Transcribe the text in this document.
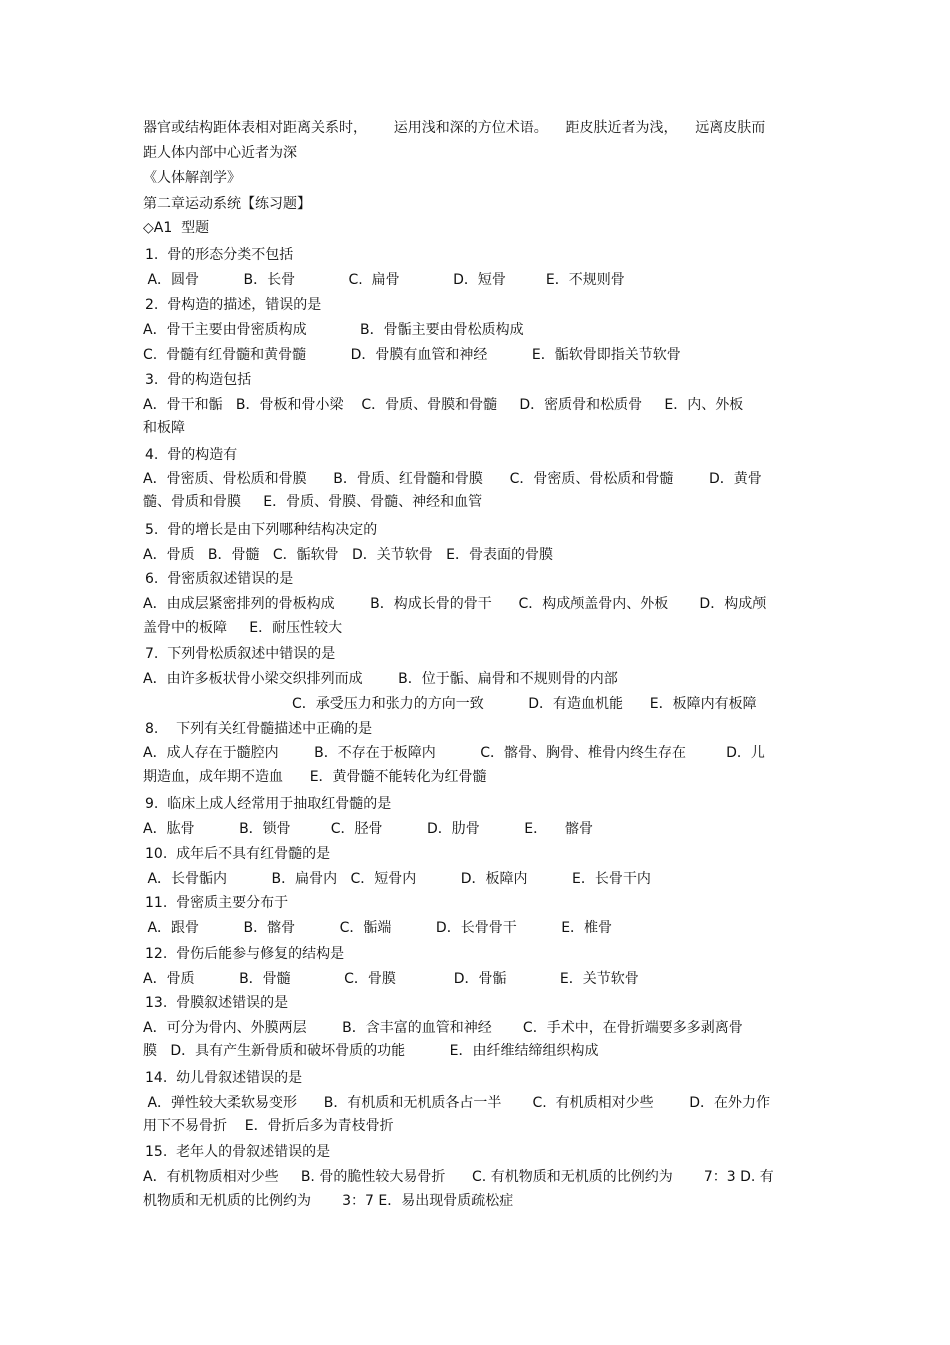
器官或结构距体表相对距离关系时，      运用浅和深的方位术语。    距皮肤近者为浅，    远离皮肤而
距人体内部中心近者为深
《人体解剖学》
第二章运动系统【练习题】
◇A1  型题
1.  骨的形态分类不包括
A．圆骨          B．长骨            C.  扁骨            D．短骨         E．不规则骨
2.  骨构造的描述，错误的是
A．骨干主要由骨密质构成            B．骨骺主要由骨松质构成
C.  骨髓有红骨髓和黄骨髓          D．骨膜有血管和神经          E．骺软骨即指关节软骨
3.  骨的构造包括
A．骨干和骺   B．骨板和骨小梁    C．骨质、骨膜和骨髓     D．密质骨和松质骨     E．内、外板
和板障
4.  骨的构造有
A．骨密质、骨松质和骨膜      B．骨质、红骨髓和骨膜      C．骨密质、骨松质和骨髓        D．黄骨
髓、骨质和骨膜     E．骨质、骨膜、骨髓、神经和血管
5.  骨的增长是由下列哪种结构决定的
A．骨质   B．骨髓   C．骺软骨   D．关节软骨   E．骨表面的骨膜
6.  骨密质叙述错误的是
A．由成层紧密排列的骨板构成        B．构成长骨的骨干      C．构成颅盖骨内、外板       D．构成颅
盖骨中的板障     E．耐压性较大
7.  下列骨松质叙述中错误的是
A．由许多板状骨小梁交织排列而成        B．位于骺、扁骨和不规则骨的内部
C．承受压力和张力的方向一致          D．有造血机能      E．板障内有板障
8.    下列有关红骨髓描述中正确的是
A．成人存在于髓腔内        B．不存在于板障内          C．髂骨、胸骨、椎骨内终生存在         D．儿
期造血，成年期不造血      E．黄骨髓不能转化为红骨髓
9.  临床上成人经常用于抽取红骨髓的是
A．肱骨          B．锁骨         C．胫骨          D．肋骨          E．    髂骨
10.  成年后不具有红骨髓的是
A．长骨骺内          B．扁骨内   C．短骨内          D．板障内          E．长骨干内
11.  骨密质主要分布于
A．跟骨          B．髂骨          C．骺端          D．长骨骨干          E．椎骨
12.  骨伤后能参与修复的结构是
A．骨质          B．骨髓            C．骨膜             D．骨骺            E．关节软骨
13.  骨膜叙述错误的是
A．可分为骨内、外膜两层        B．含丰富的血管和神经       C．手术中，在骨折端要多多剥离骨
膜   D．具有产生新骨质和破坏骨质的功能          E．由纤维结缔组织构成
14.  幼儿骨叙述错误的是
A．弹性较大柔软易变形      B．有机质和无机质各占一半       C.  有机质相对少些        D．在外力作
用下不易骨折    E．骨折后多为青枝骨折
15.  老年人的骨叙述错误的是
A．有机物质相对少些     B. 骨的脆性较大易骨折      C. 有机物质和无机质的比例约为       7：3 D. 有
机物质和无机质的比例约为       3：7 E．易出现骨质疏松症
